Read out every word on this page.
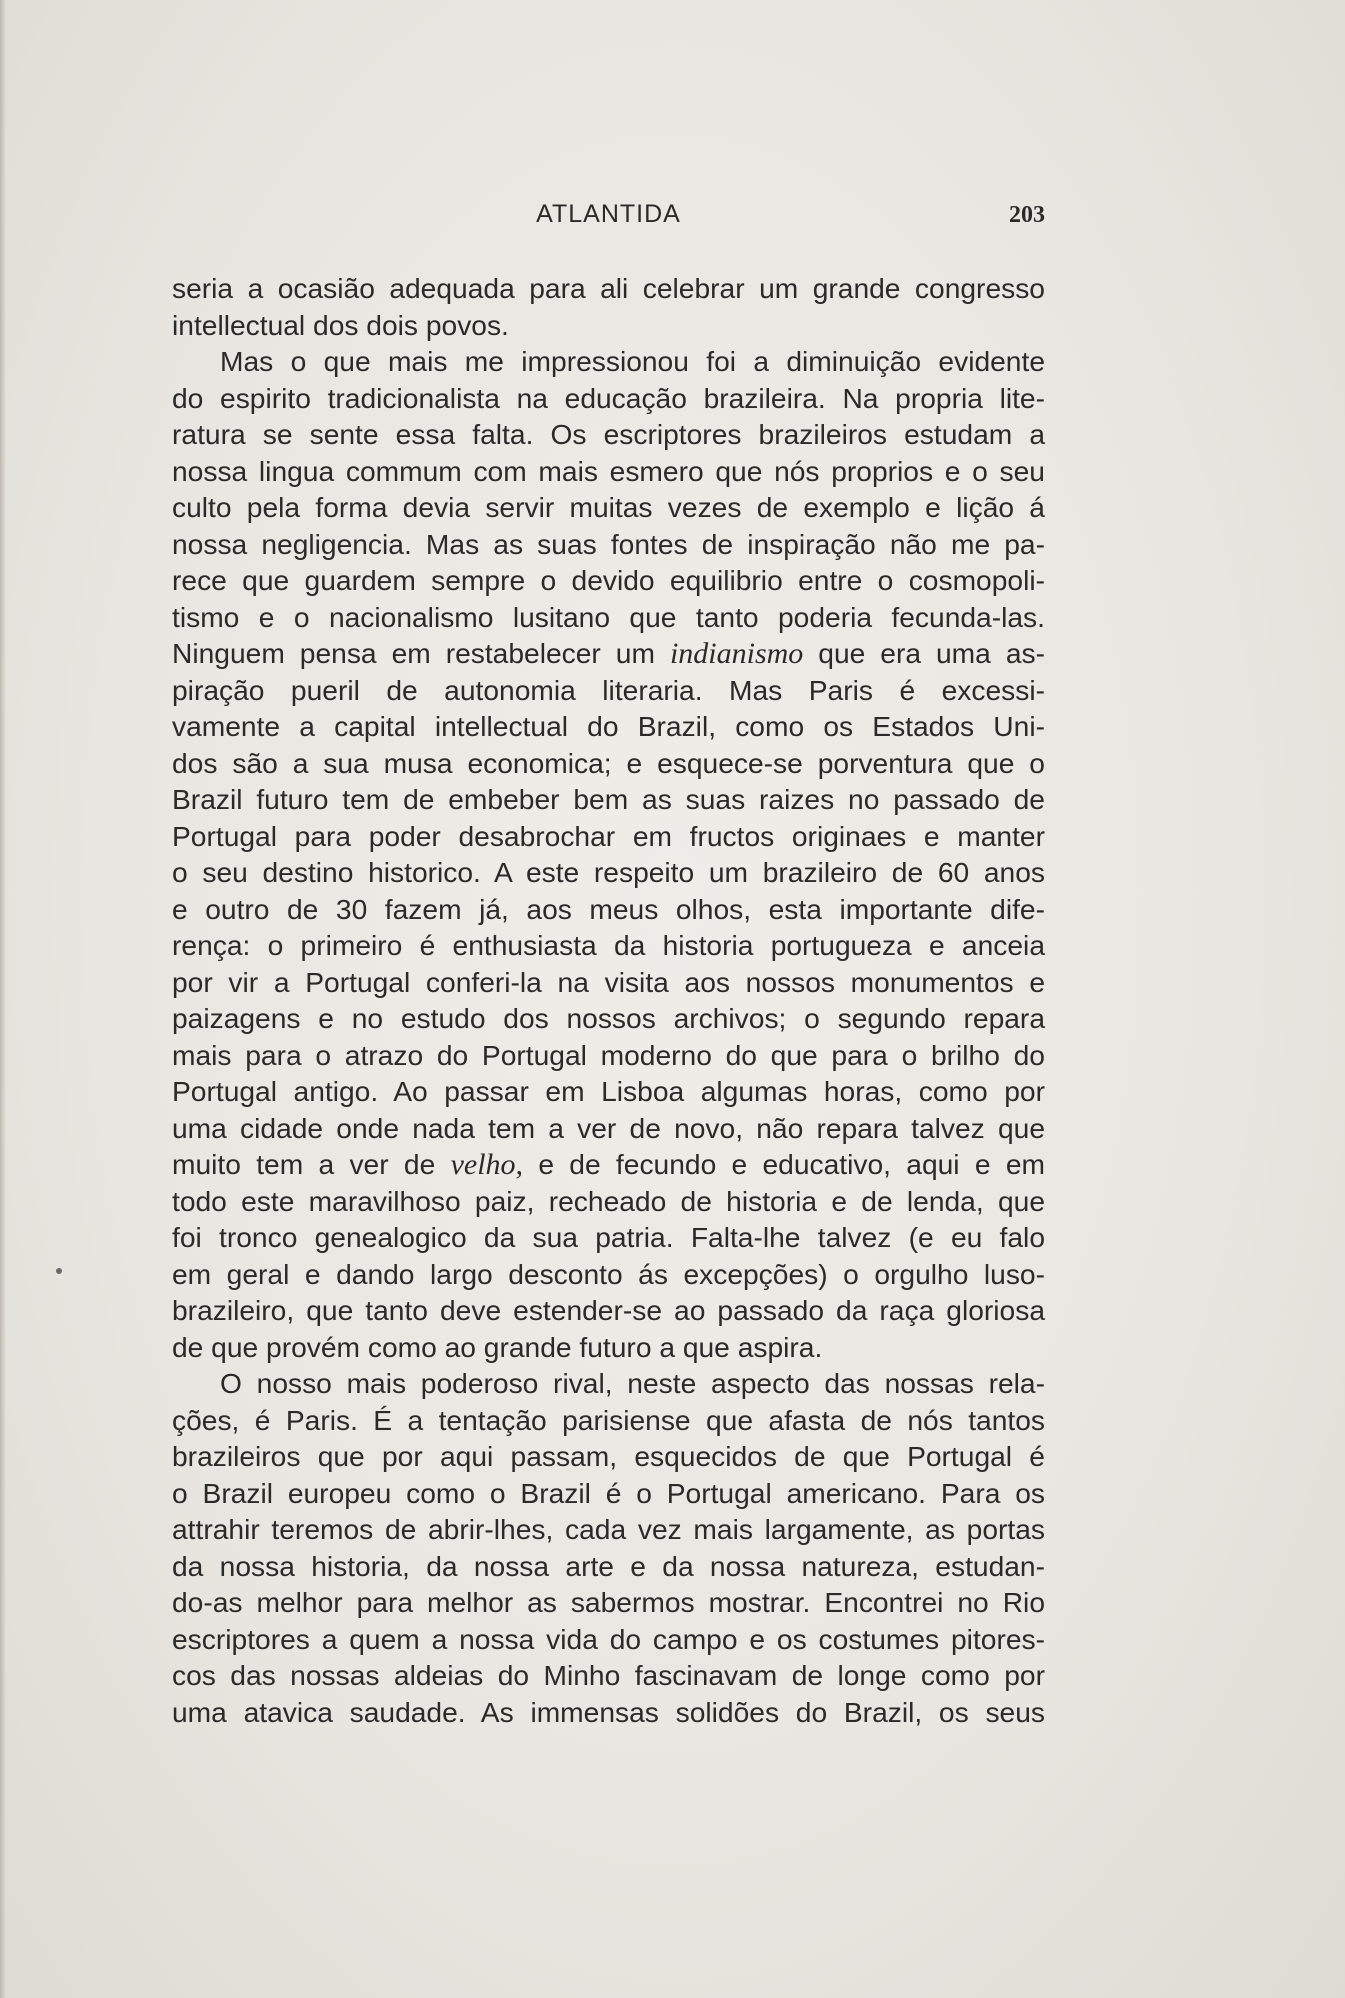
ATLANTIDA	203
seria a ocasião adequada para ali celebrar um grande congresso
intellectual dos dois povos.
Mas o que mais me impressionou foi a diminuição evidente
do espirito tradicionalista na educação brazileira. Na propria lite-
ratura se sente essa falta. Os escriptores brazileiros estudam a
nossa lingua commum com mais esmero que nós proprios e o seu
culto pela forma devia servir muitas vezes de exemplo e lição á
nossa negligencia. Mas as suas fontes de inspiração não me pa-
rece que guardem sempre o devido equilibrio entre o cosmopoli-
tismo e o nacionalismo lusitano que tanto poderia fecunda-las.
Ninguem pensa em restabelecer um indianismo que era uma as-
piração pueril de autonomia literaria. Mas Paris é excessi-
vamente a capital intellectual do Brazil, como os Estados Uni-
dos são a sua musa economica; e esquece-se porventura que o
Brazil futuro tem de embeber bem as suas raizes no passado de
Portugal para poder desabrochar em fructos originaes e manter
o seu destino historico. A este respeito um brazileiro de 60 anos
e outro de 30 fazem já, aos meus olhos, esta importante dife-
rença: o primeiro é enthusiasta da historia portugueza e anceia
por vir a Portugal conferi-la na visita aos nossos monumentos e
paizagens e no estudo dos nossos archivos; o segundo repara
mais para o atrazo do Portugal moderno do que para o brilho do
Portugal antigo. Ao passar em Lisboa algumas horas, como por
uma cidade onde nada tem a ver de novo, não repara talvez que
muito tem a ver de velho, e de fecundo e educativo, aqui e em
todo este maravilhoso paiz, recheado de historia e de lenda, que
foi tronco genealogico da sua patria. Falta-lhe talvez (e eu falo
em geral e dando largo desconto ás excepções) o orgulho luso-
brazileiro, que tanto deve estender-se ao passado da raça gloriosa
de que provém como ao grande futuro a que aspira.
O nosso mais poderoso rival, neste aspecto das nossas rela-
ções, é Paris. É a tentação parisiense que afasta de nós tantos
brazileiros que por aqui passam, esquecidos de que Portugal é
o Brazil europeu como o Brazil é o Portugal americano. Para os
attrahir teremos de abrir-lhes, cada vez mais largamente, as portas
da nossa historia, da nossa arte e da nossa natureza, estudan-
do-as melhor para melhor as sabermos mostrar. Encontrei no Rio
escriptores a quem a nossa vida do campo e os costumes pitores-
cos das nossas aldeias do Minho fascinavam de longe como por
uma atavica saudade. As immensas solidões do Brazil, os seus
